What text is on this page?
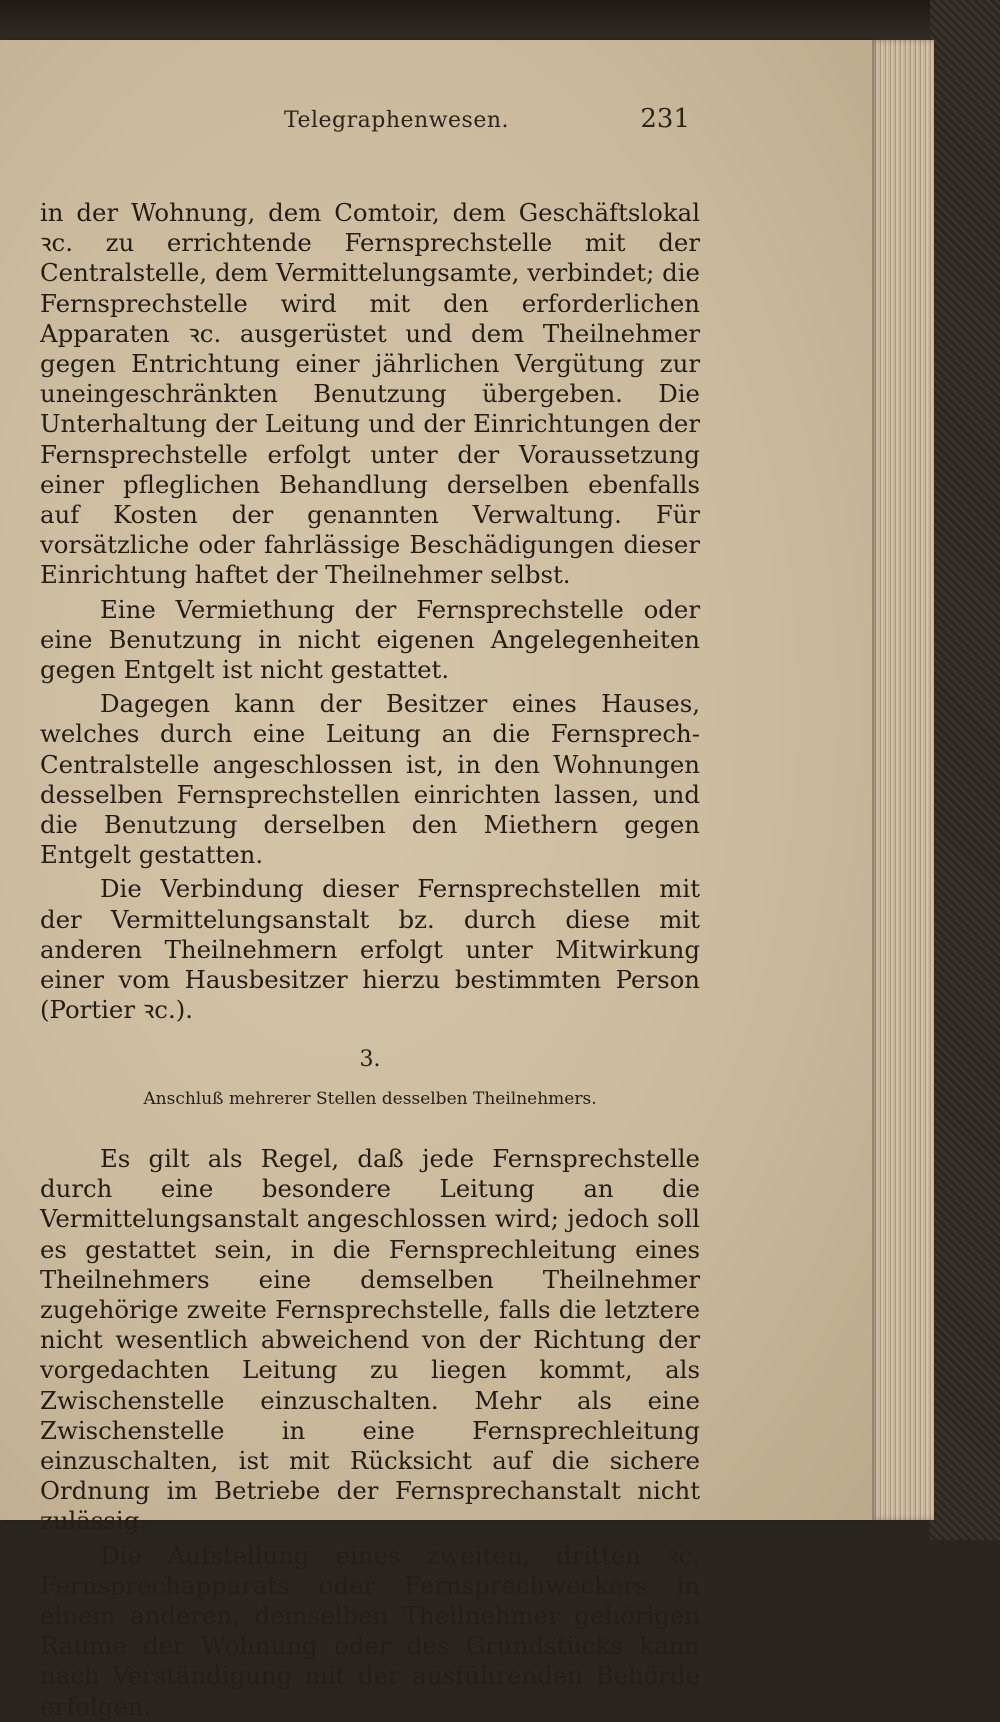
Telegraphenwesen.	231

in der Wohnung, dem Comtoir, dem Geschäftslokal ꝛc. zu errichtende Fernsprechstelle mit der Centralstelle, dem Vermittelungsamte, verbindet; die Fernsprechstelle wird mit den erforderlichen Apparaten ꝛc. ausgerüstet und dem Theilnehmer gegen Entrichtung einer jährlichen Vergütung zur uneingeschränkten Benutzung übergeben. Die Unterhaltung der Leitung und der Einrichtungen der Fernsprechstelle erfolgt unter der Voraussetzung einer pfleglichen Behandlung derselben ebenfalls auf Kosten der genannten Verwaltung. Für vorsätzliche oder fahrlässige Beschädigungen dieser Einrichtung haftet der Theilnehmer selbst.

Eine Vermiethung der Fernsprechstelle oder eine Benutzung in nicht eigenen Angelegenheiten gegen Entgelt ist nicht gestattet.

Dagegen kann der Besitzer eines Hauses, welches durch eine Leitung an die Fernsprech-Centralstelle angeschlossen ist, in den Wohnungen desselben Fernsprechstellen einrichten lassen, und die Benutzung derselben den Miethern gegen Entgelt gestatten.

Die Verbindung dieser Fernsprechstellen mit der Vermittelungsanstalt bz. durch diese mit anderen Theilnehmern erfolgt unter Mitwirkung einer vom Hausbesitzer hierzu bestimmten Person (Portier ꝛc.).

3.

Anschluß mehrerer Stellen desselben Theilnehmers.

Es gilt als Regel, daß jede Fernsprechstelle durch eine besondere Leitung an die Vermittelungsanstalt angeschlossen wird; jedoch soll es gestattet sein, in die Fernsprechleitung eines Theilnehmers eine demselben Theilnehmer zugehörige zweite Fernsprechstelle, falls die letztere nicht wesentlich abweichend von der Richtung der vorgedachten Leitung zu liegen kommt, als Zwischenstelle einzuschalten. Mehr als eine Zwischenstelle in eine Fernsprechleitung einzuschalten, ist mit Rücksicht auf die sichere Ordnung im Betriebe der Fernsprechanstalt nicht zulässig.

Die Aufstellung eines zweiten, dritten ꝛc. Fernsprechapparats oder Fernsprechweckers in einem anderen, demselben Theilnehmer gehörigen Raume der Wohnung oder des Grundstücks kann nach Verständigung mit der ausführenden Behörde erfolgen.
